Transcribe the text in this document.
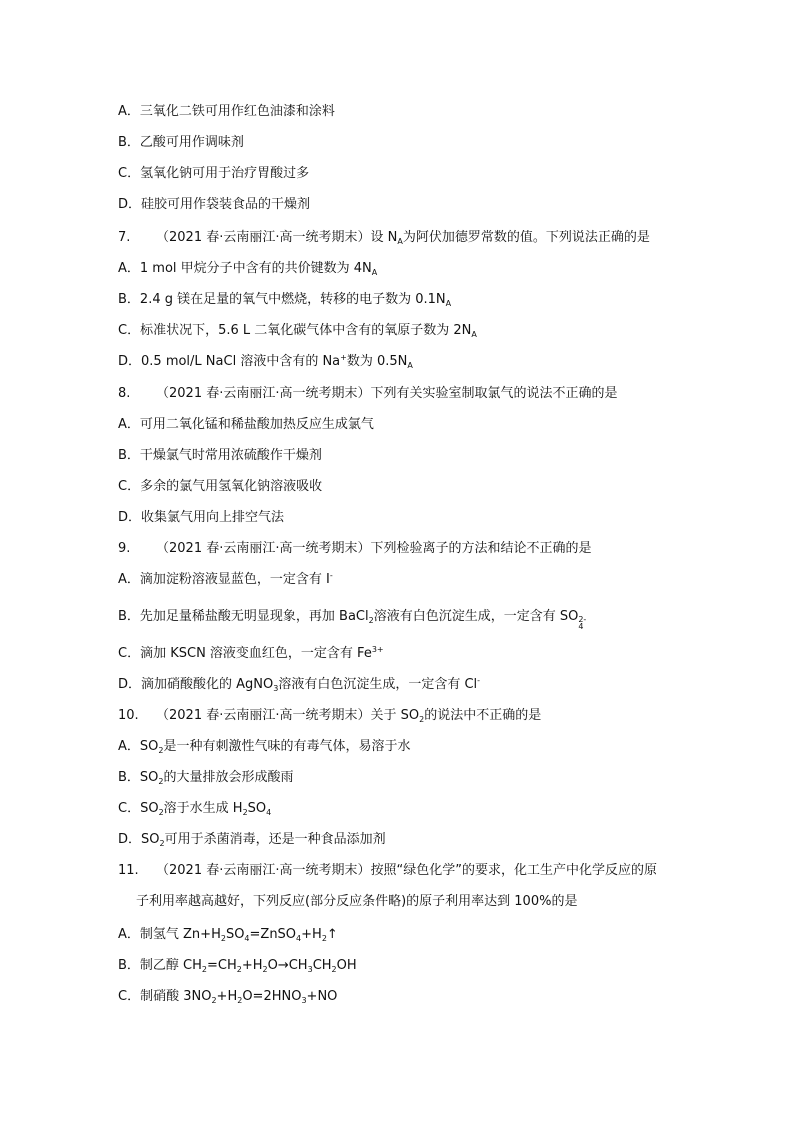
A．三氧化二铁可用作红色油漆和涂料
B．乙酸可用作调味剂
C．氢氧化钠可用于治疗胃酸过多
D．硅胶可用作袋装食品的干燥剂
7. （2021 春·云南丽江·高一统考期末）设 $N_A$为阿伏加德罗常数的值。下列说法正确的是
A．1 mol 甲烷分子中含有的共价键数为 $4N_A$
B．2.4 g 镁在足量的氧气中燃烧，转移的电子数为 $0.1N_A$
C．标准状况下，5.6 L 二氧化碳气体中含有的氧原子数为 $2N_A$
D．0.5 mol/L NaCl 溶液中含有的 Na+数为 $0.5N_A$
8. （2021 春·云南丽江·高一统考期末）下列有关实验室制取氯气的说法不正确的是
A．可用二氧化锰和稀盐酸加热反应生成氯气
B．干燥氯气时常用浓硫酸作干燥剂
C．多余的氯气用氢氧化钠溶液吸收
D．收集氯气用向上排空气法
9. （2021 春·云南丽江·高一统考期末）下列检验离子的方法和结论不正确的是
A．滴加淀粉溶液显蓝色，一定含有 I-
B．先加足量稀盐酸无明显现象，再加 BaCl$_2$溶液有白色沉淀生成，一定含有 SO 2-
4
C．滴加 KSCN 溶液变血红色，一定含有 $Fe^{3+}$
D．滴加硝酸酸化的 AgNO$_3$溶液有白色沉淀生成，一定含有 Cl-
10. （2021 春·云南丽江·高一统考期末）关于 $SO_2$的说法中不正确的是
A．$SO_2$是一种有刺激性气味的有毒气体，易溶于水
B．$SO_2$的大量排放会形成酸雨
C．$SO_2$溶于水生成 $H_2SO_4$
D．$SO_2$可用于杀菌消毒，还是一种食品添加剂
11. （2021 春·云南丽江·高一统考期末）按照“绿色化学”的要求，化工生产中化学反应的原
子利用率越高越好，下列反应(部分反应条件略)的原子利用率达到 100%的是
A．制氢气 $Zn+H_2SO_4=ZnSO_4+H_2↑$
B．制乙醇 $CH_2=CH_2+H_2O\to CH_3CH_2OH$
C．制硝酸 $3NO_2+H_2O=2HNO_3+NO$
